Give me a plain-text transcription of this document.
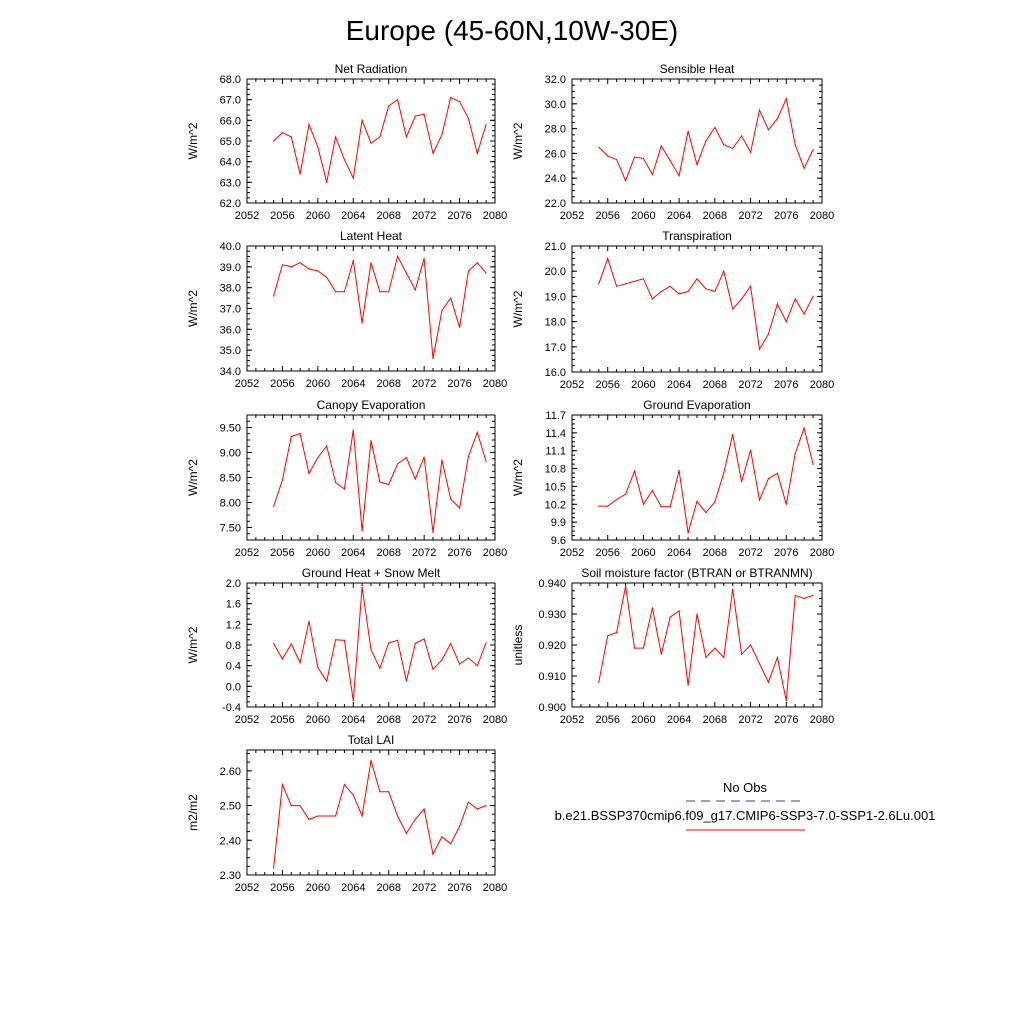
Europe (45-60N,10W-30E)
Net Radiation
W/m^2
2052 2056 2060 2064 2068 2072 2076 2080
62.0
63.0
64.0
65.0
66.0
67.0
68.0
Sensible Heat
W/m^2
2052 2056 2060 2064 2068 2072 2076 2080
22.0
24.0
26.0
28.0
30.0
32.0
Latent Heat
W/m^2
2052 2056 2060 2064 2068 2072 2076 2080
34.0
35.0
36.0
37.0
38.0
39.0
40.0
Transpiration
W/m^2
2052 2056 2060 2064 2068 2072 2076 2080
16.0
17.0
18.0
19.0
20.0
21.0
Canopy Evaporation
W/m^2
2052 2056 2060 2064 2068 2072 2076 2080
7.50
8.00
8.50
9.00
9.50
Ground Evaporation
W/m^2
2052 2056 2060 2064 2068 2072 2076 2080
9.6
9.9
10.2
10.5
10.8
11.1
11.4
11.7
Ground Heat + Snow Melt
W/m^2
2052 2056 2060 2064 2068 2072 2076 2080
-0.4
0.0
0.4
0.8
1.2
1.6
2.0
Soil moisture factor (BTRAN or BTRANMN)
unitless
2052 2056 2060 2064 2068 2072 2076 2080
0.900
0.910
0.920
0.930
0.940
Total LAI
m2/m2
2052 2056 2060 2064 2068 2072 2076 2080
2.30
2.40
2.50
2.60
No Obs
b.e21.BSSP370cmip6.f09_g17.CMIP6-SSP3-7.0-SSP1-2.6Lu.001
